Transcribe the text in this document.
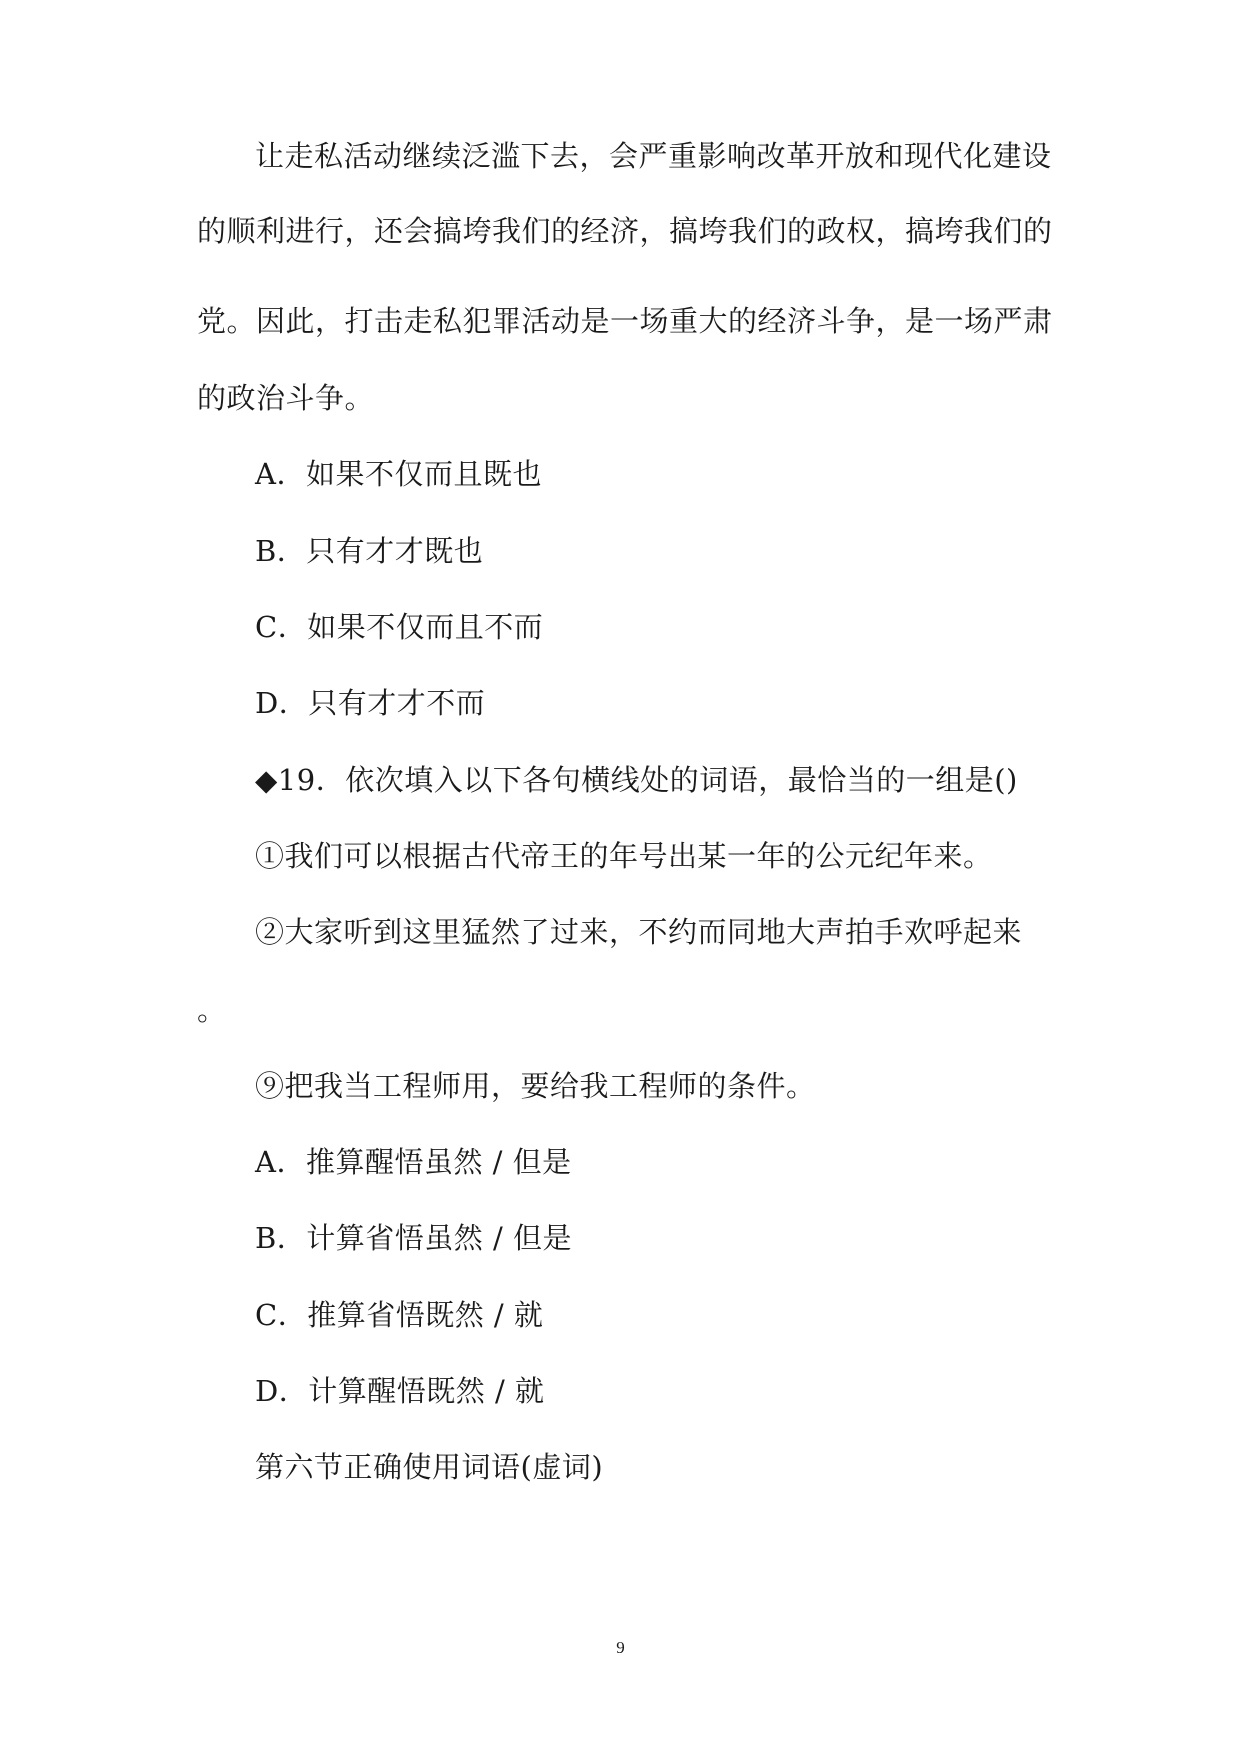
让走私活动继续泛滥下去，会严重影响改革开放和现代化建设
的顺利进行，还会搞垮我们的经济，搞垮我们的政权，搞垮我们的
党。因此，打击走私犯罪活动是一场重大的经济斗争，是一场严肃
的政治斗争。
A．如果不仅而且既也
B．只有才才既也
C．如果不仅而且不而
D．只有才才不而
◆19．依次填入以下各句横线处的词语，最恰当的一组是()
①我们可以根据古代帝王的年号出某一年的公元纪年来。
②大家听到这里猛然了过来，不约而同地大声拍手欢呼起来
。
⑨把我当工程师用，要给我工程师的条件。
A．推算醒悟虽然 / 但是
B．计算省悟虽然 / 但是
C．推算省悟既然 / 就
D．计算醒悟既然 / 就
第六节正确使用词语(虚词)
9
